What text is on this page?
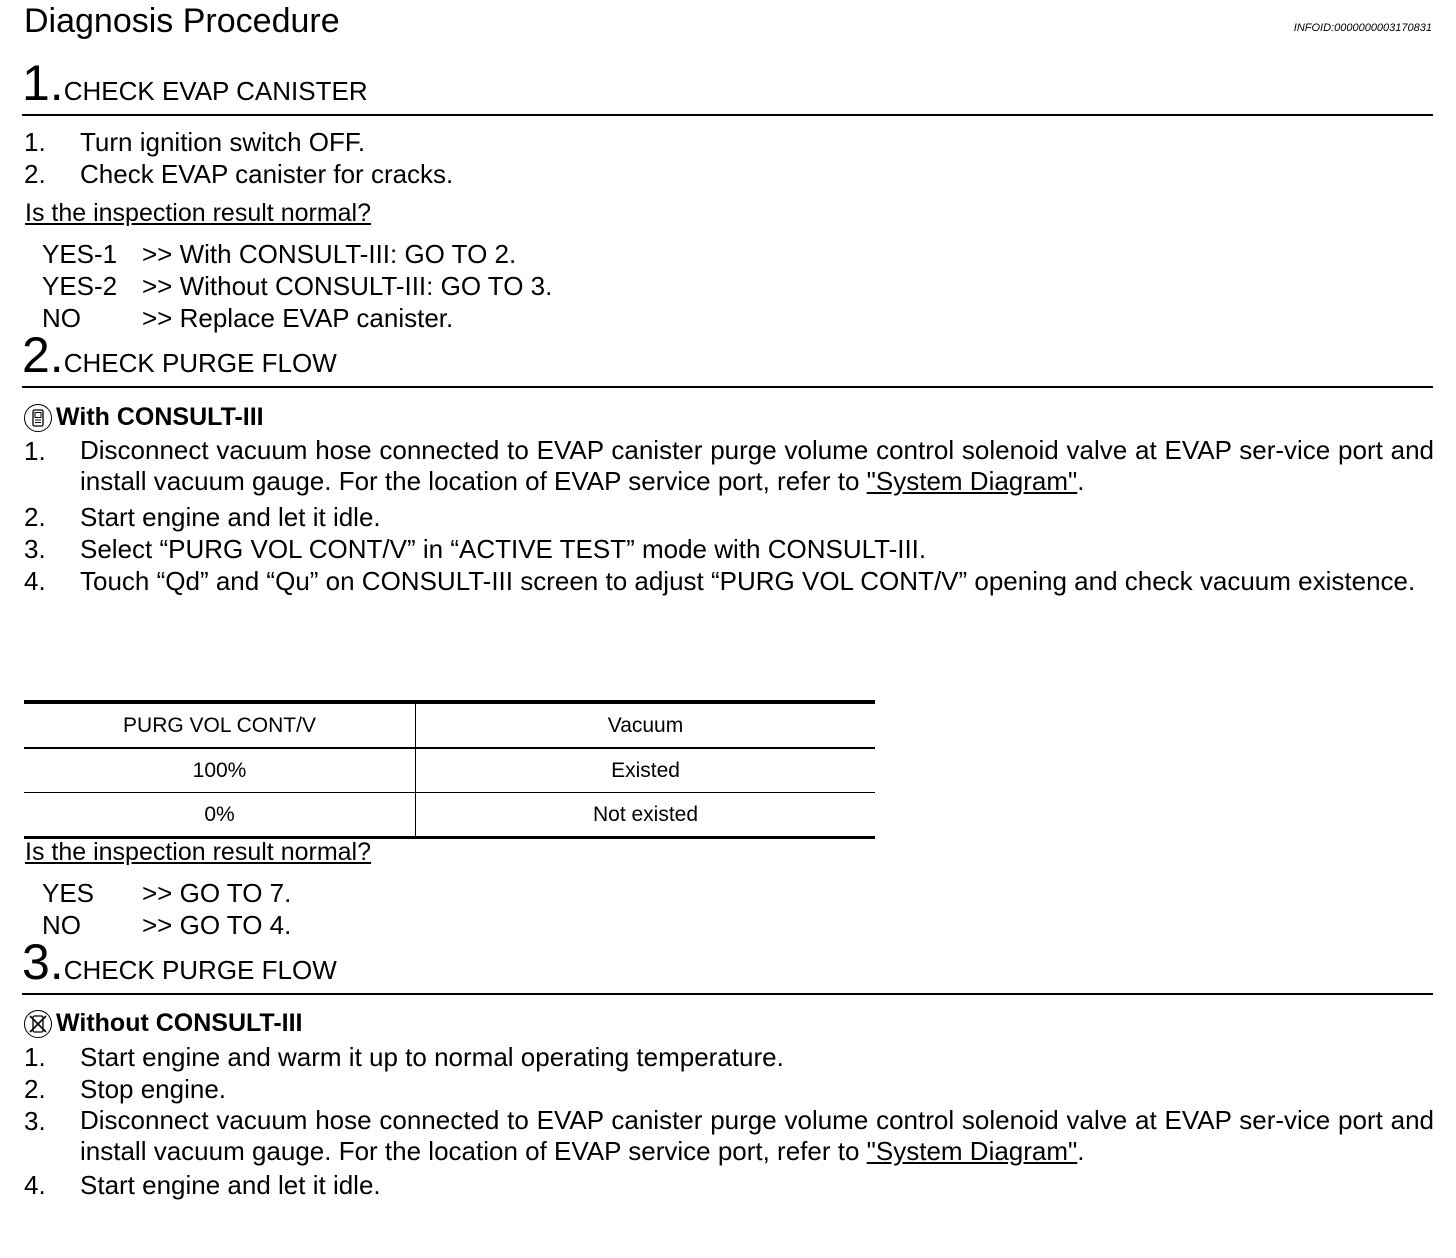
Diagnosis Procedure	INFOID:0000000003170831
1. CHECK EVAP CANISTER
1.	Turn ignition switch OFF.
2.	Check EVAP canister for cracks.
Is the inspection result normal?
YES-1 >> With CONSULT-III: GO TO 2.
YES-2 >> Without CONSULT-III: GO TO 3.
NO	>> Replace EVAP canister.
2. CHECK PURGE FLOW
With CONSULT-III
1.	Disconnect vacuum hose connected to EVAP canister purge volume control solenoid valve at EVAP ser-vice port and install vacuum gauge. For the location of EVAP service port, refer to "System Diagram".
2.	Start engine and let it idle.
3.	Select “PURG VOL CONT/V” in “ACTIVE TEST” mode with CONSULT-III.
4.	Touch “Qd” and “Qu” on CONSULT-III screen to adjust “PURG VOL CONT/V” opening and check vacuum existence.
PURG VOL CONT/V	Vacuum
100%	Existed
0%	Not existed
Is the inspection result normal?
YES	>> GO TO 7.
NO	>> GO TO 4.
3. CHECK PURGE FLOW
Without CONSULT-III
1.	Start engine and warm it up to normal operating temperature.
2.	Stop engine.
3.	Disconnect vacuum hose connected to EVAP canister purge volume control solenoid valve at EVAP ser-vice port and install vacuum gauge. For the location of EVAP service port, refer to "System Diagram".
4.	Start engine and let it idle.
